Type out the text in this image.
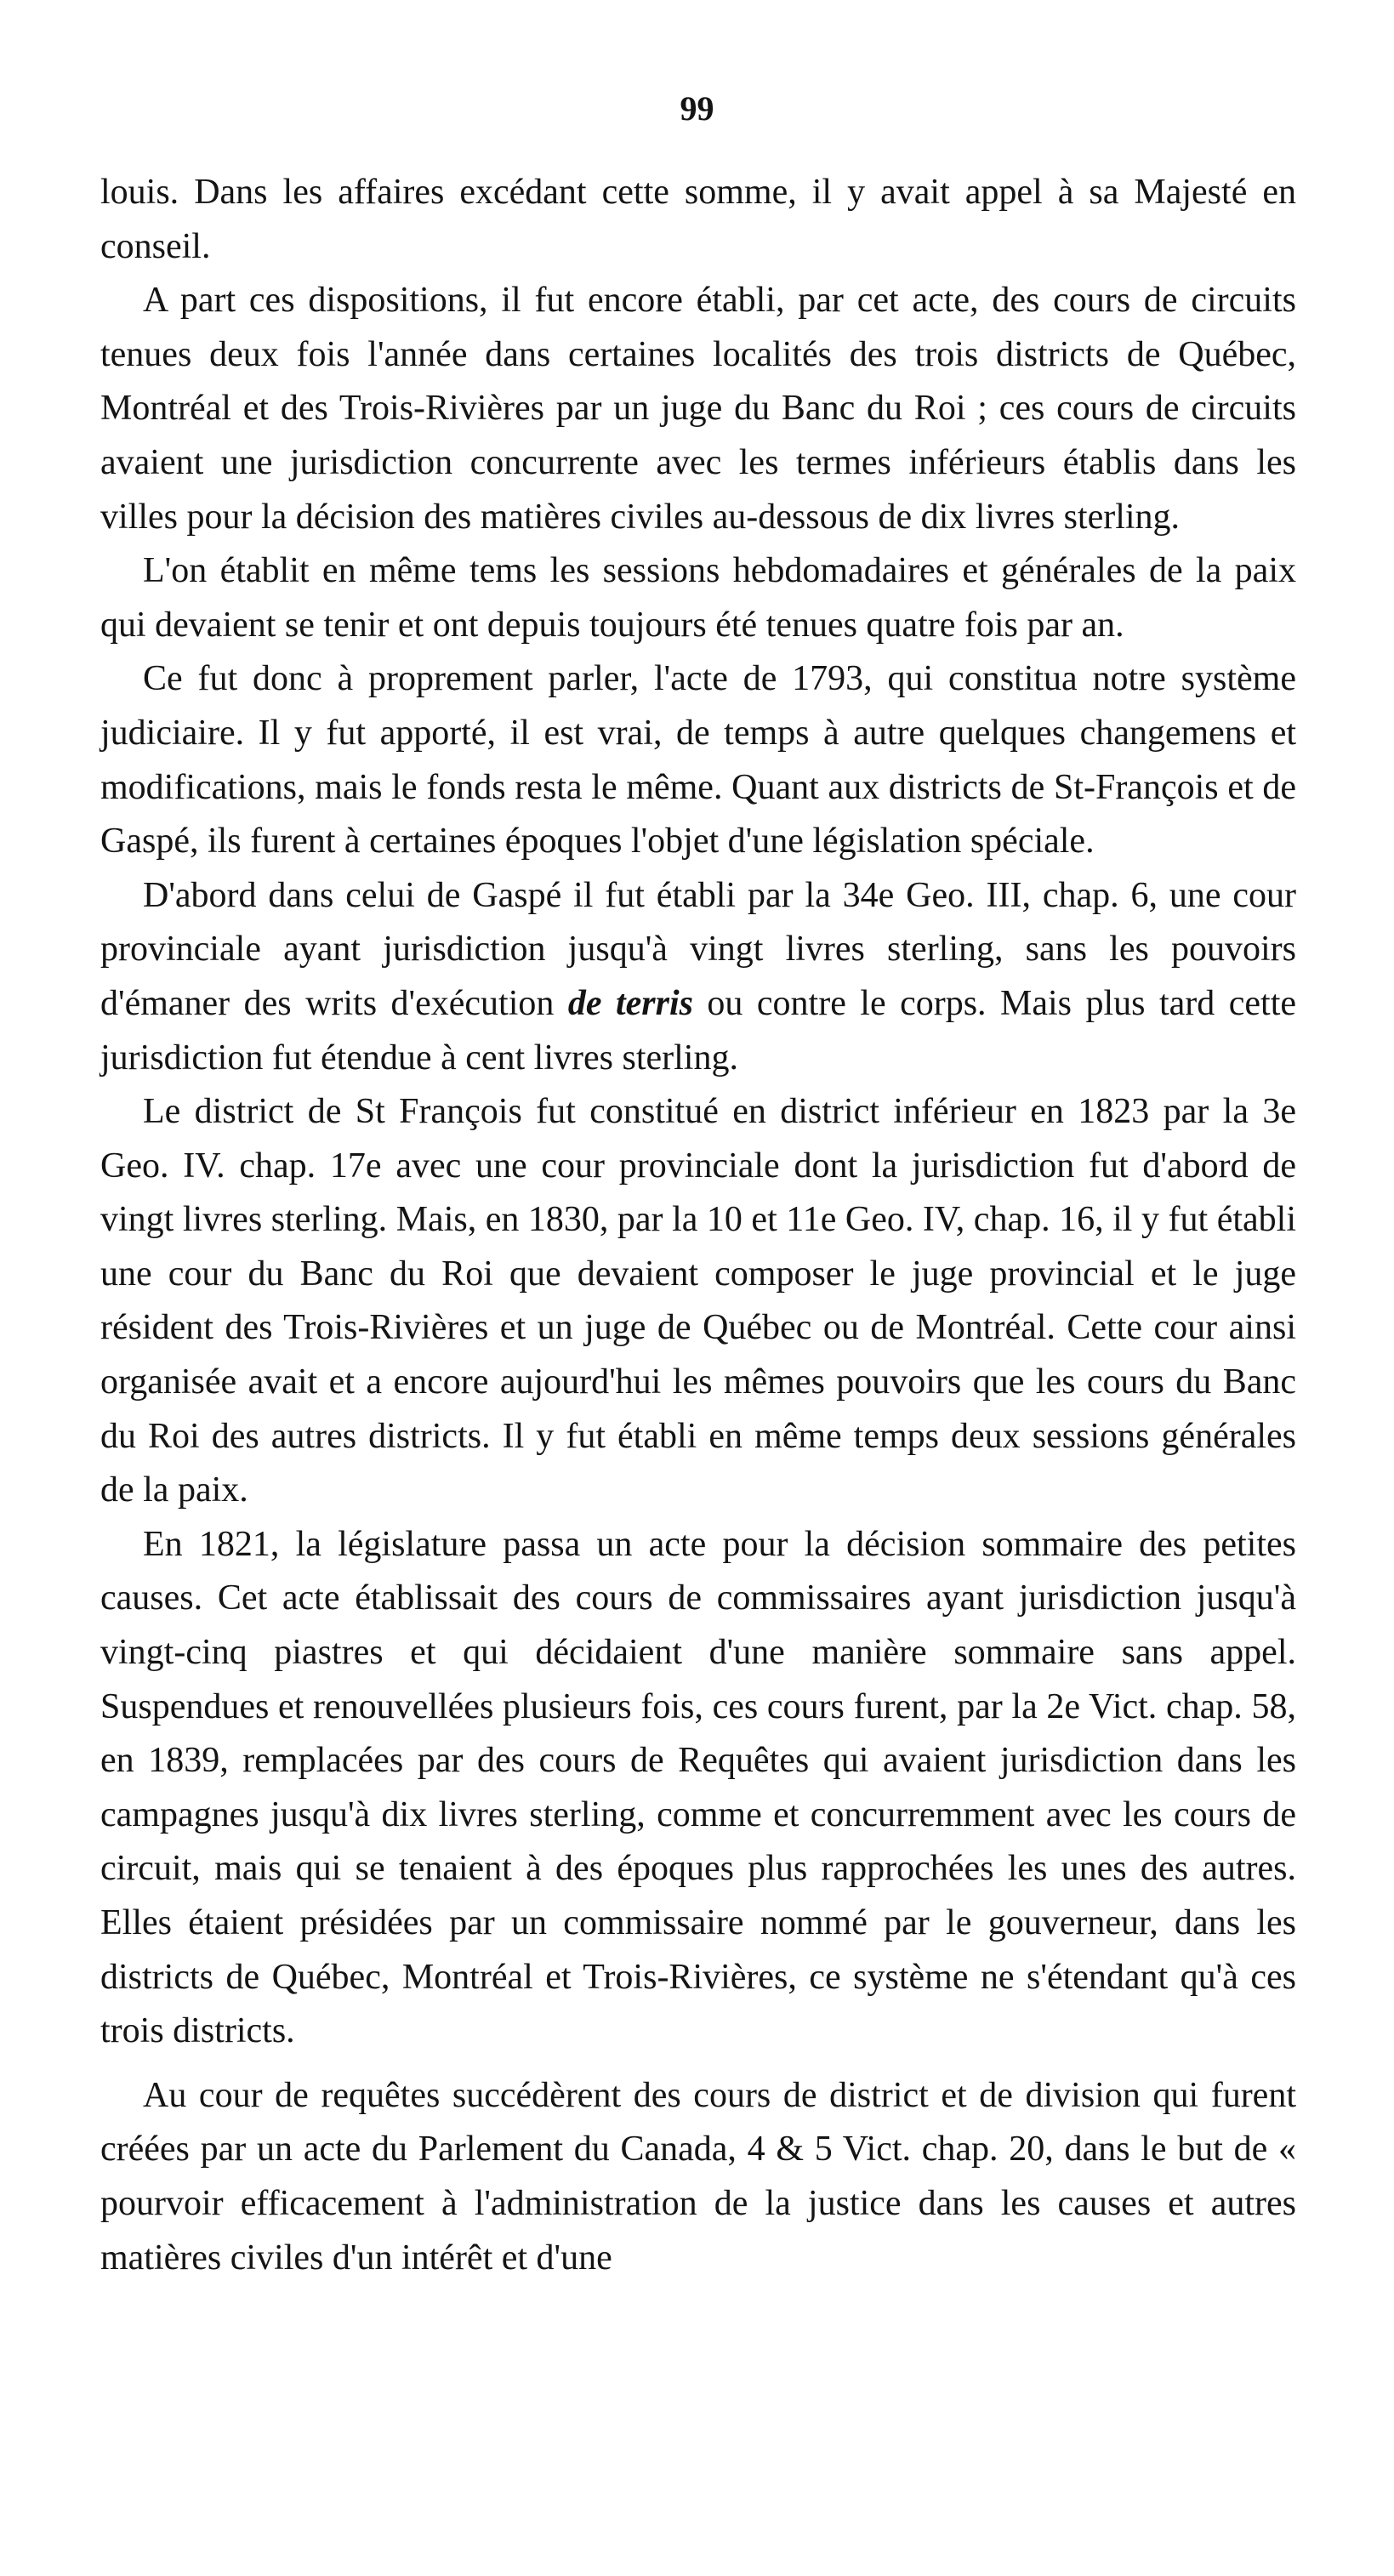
99

louis. Dans les affaires excédant cette somme, il y avait appel à sa Majesté en conseil.

A part ces dispositions, il fut encore établi, par cet acte, des cours de circuits tenues deux fois l'année dans certaines localités des trois districts de Québec, Montréal et des Trois-Rivières par un juge du Banc du Roi ; ces cours de circuits avaient une jurisdiction concurrente avec les termes inférieurs établis dans les villes pour la décision des matières civiles au-dessous de dix livres sterling.

L'on établit en même tems les sessions hebdomadaires et générales de la paix qui devaient se tenir et ont depuis toujours été tenues quatre fois par an.

Ce fut donc à proprement parler, l'acte de 1793, qui constitua notre système judiciaire. Il y fut apporté, il est vrai, de temps à autre quelques changemens et modifications, mais le fonds resta le même. Quant aux districts de St-François et de Gaspé, ils furent à certaines époques l'objet d'une législation spéciale.

D'abord dans celui de Gaspé il fut établi par la 34e Geo. III, chap. 6, une cour provinciale ayant jurisdiction jusqu'à vingt livres sterling, sans les pouvoirs d'émaner des writs d'exécution de terris ou contre le corps. Mais plus tard cette jurisdiction fut étendue à cent livres sterling.

Le district de St François fut constitué en district inférieur en 1823 par la 3e Geo. IV. chap. 17e avec une cour provinciale dont la jurisdiction fut d'abord de vingt livres sterling. Mais, en 1830, par la 10 et 11e Geo. IV, chap. 16, il y fut établi une cour du Banc du Roi que devaient composer le juge provincial et le juge résident des Trois-Rivières et un juge de Québec ou de Montréal. Cette cour ainsi organisée avait et a encore aujourd'hui les mêmes pouvoirs que les cours du Banc du Roi des autres districts. Il y fut établi en même temps deux sessions générales de la paix.

En 1821, la législature passa un acte pour la décision sommaire des petites causes. Cet acte établissait des cours de commissaires ayant jurisdiction jusqu'à vingt-cinq piastres et qui décidaient d'une manière sommaire sans appel. Suspendues et renouvellées plusieurs fois, ces cours furent, par la 2e Vict. chap. 58, en 1839, remplacées par des cours de Requêtes qui avaient jurisdiction dans les campagnes jusqu'à dix livres sterling, comme et concurremment avec les cours de circuit, mais qui se tenaient à des époques plus rapprochées les unes des autres. Elles étaient présidées par un commissaire nommé par le gouverneur, dans les districts de Québec, Montréal et Trois-Rivières, ce système ne s'étendant qu'à ces trois districts.

Au cour de requêtes succédèrent des cours de district et de division qui furent créées par un acte du Parlement du Canada, 4 & 5 Vict. chap. 20, dans le but de « pourvoir efficacement à l'administration de la justice dans les causes et autres matières civiles d'un intérêt et d'une
